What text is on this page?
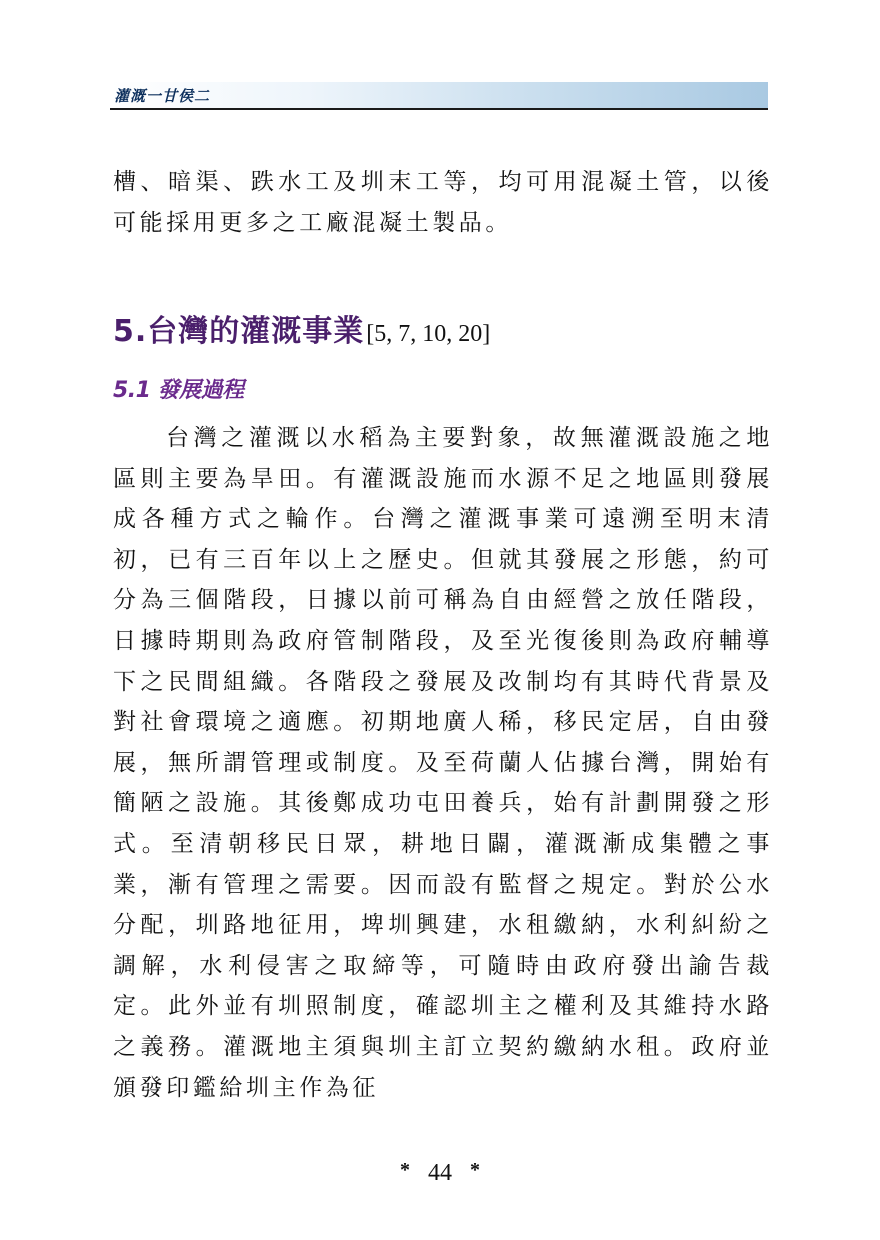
灌溉一甘侯二

槽、暗渠、跌水工及圳末工等，均可用混凝土管，以後可能採用更多之工廠混凝土製品。

5.台灣的灌溉事業[5, 7, 10, 20]
5.1 發展過程

台灣之灌溉以水稻為主要對象，故無灌溉設施之地區則主要為旱田。有灌溉設施而水源不足之地區則發展成各種方式之輪作。台灣之灌溉事業可遠溯至明末清初，已有三百年以上之歷史。但就其發展之形態，約可分為三個階段，日據以前可稱為自由經營之放任階段，日據時期則為政府管制階段，及至光復後則為政府輔導下之民間組織。各階段之發展及改制均有其時代背景及對社會環境之適應。初期地廣人稀，移民定居，自由發展，無所謂管理或制度。及至荷蘭人佔據台灣，開始有簡陋之設施。其後鄭成功屯田養兵，始有計劃開發之形式。至清朝移民日眾，耕地日闢，灌溉漸成集體之事業，漸有管理之需要。因而設有監督之規定。對於公水分配，圳路地征用，埤圳興建，水租繳納，水利糾紛之調解，水利侵害之取締等，可隨時由政府發出諭告裁定。此外並有圳照制度，確認圳主之權利及其維持水路之義務。灌溉地主須與圳主訂立契約繳納水租。政府並頒發印鑑給圳主作為征

* 44 *
